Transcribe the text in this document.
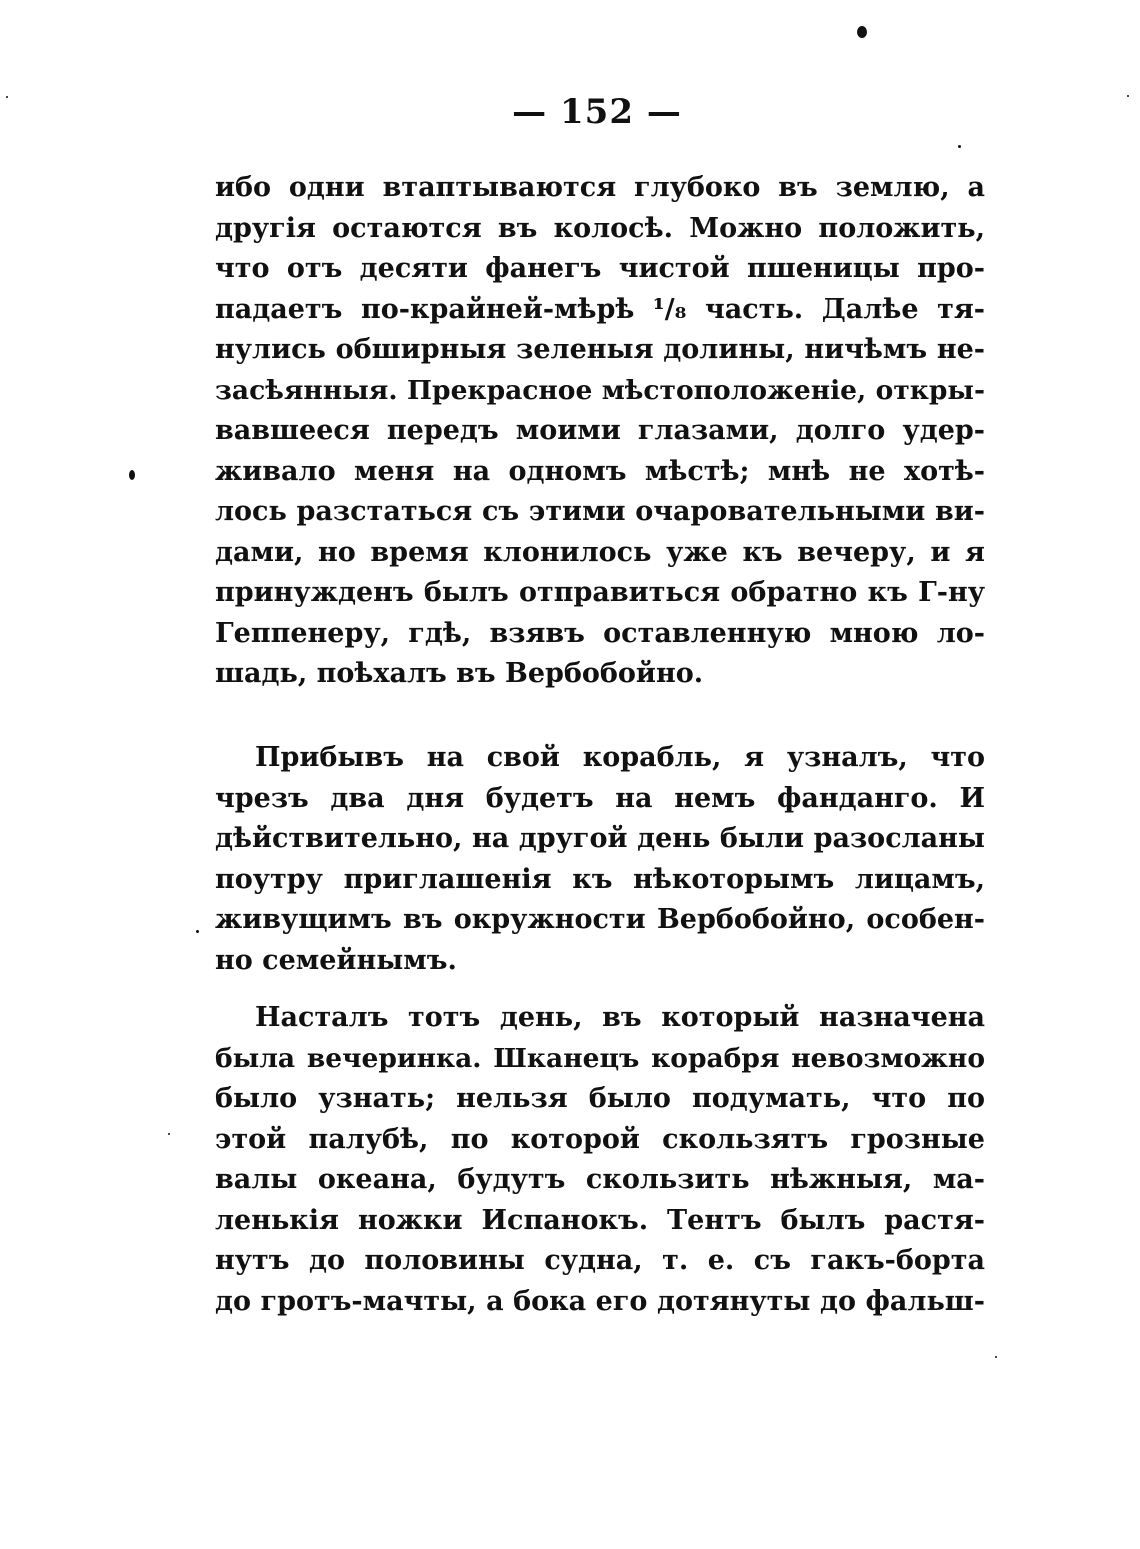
— 152 —
ибо одни втаптываются глубоко въ землю, а
другія остаются въ колосѣ. Можно положить,
что отъ десяти фанегъ чистой пшеницы про-
падаетъ по-крайней-мѣрѣ ¹/₈ часть. Далѣе тя-
нулись обширныя зеленыя долины, ничѣмъ не-
засѣянныя. Прекрасное мѣстоположеніе, откры-
вавшееся передъ моими глазами, долго удер-
живало меня на одномъ мѣстѣ; мнѣ не хотѣ-
лось разстаться съ этими очаровательными ви-
дами, но время клонилось уже къ вечеру, и я
принужденъ былъ отправиться обратно къ Г-ну
Геппенеру, гдѣ, взявъ оставленную мною ло-
шадь, поѣхалъ въ Вербобойно.
Прибывъ на свой корабль, я узналъ, что
чрезъ два дня будетъ на немъ фанданго. И
дѣйствительно, на другой день были разосланы
поутру приглашенія къ нѣкоторымъ лицамъ,
живущимъ въ окружности Вербобойно, особен-
но семейнымъ.
Насталъ тотъ день, въ который назначена
была вечеринка. Шканецъ корабря невозможно
было узнать; нельзя было подумать, что по
этой палубѣ, по которой скользятъ грозные
валы океана, будутъ скользить нѣжныя, ма-
ленькія ножки Испанокъ. Тентъ былъ растя-
нутъ до половины судна, т. е. съ гакъ-борта
до гротъ-мачты, а бока его дотянуты до фальш-
